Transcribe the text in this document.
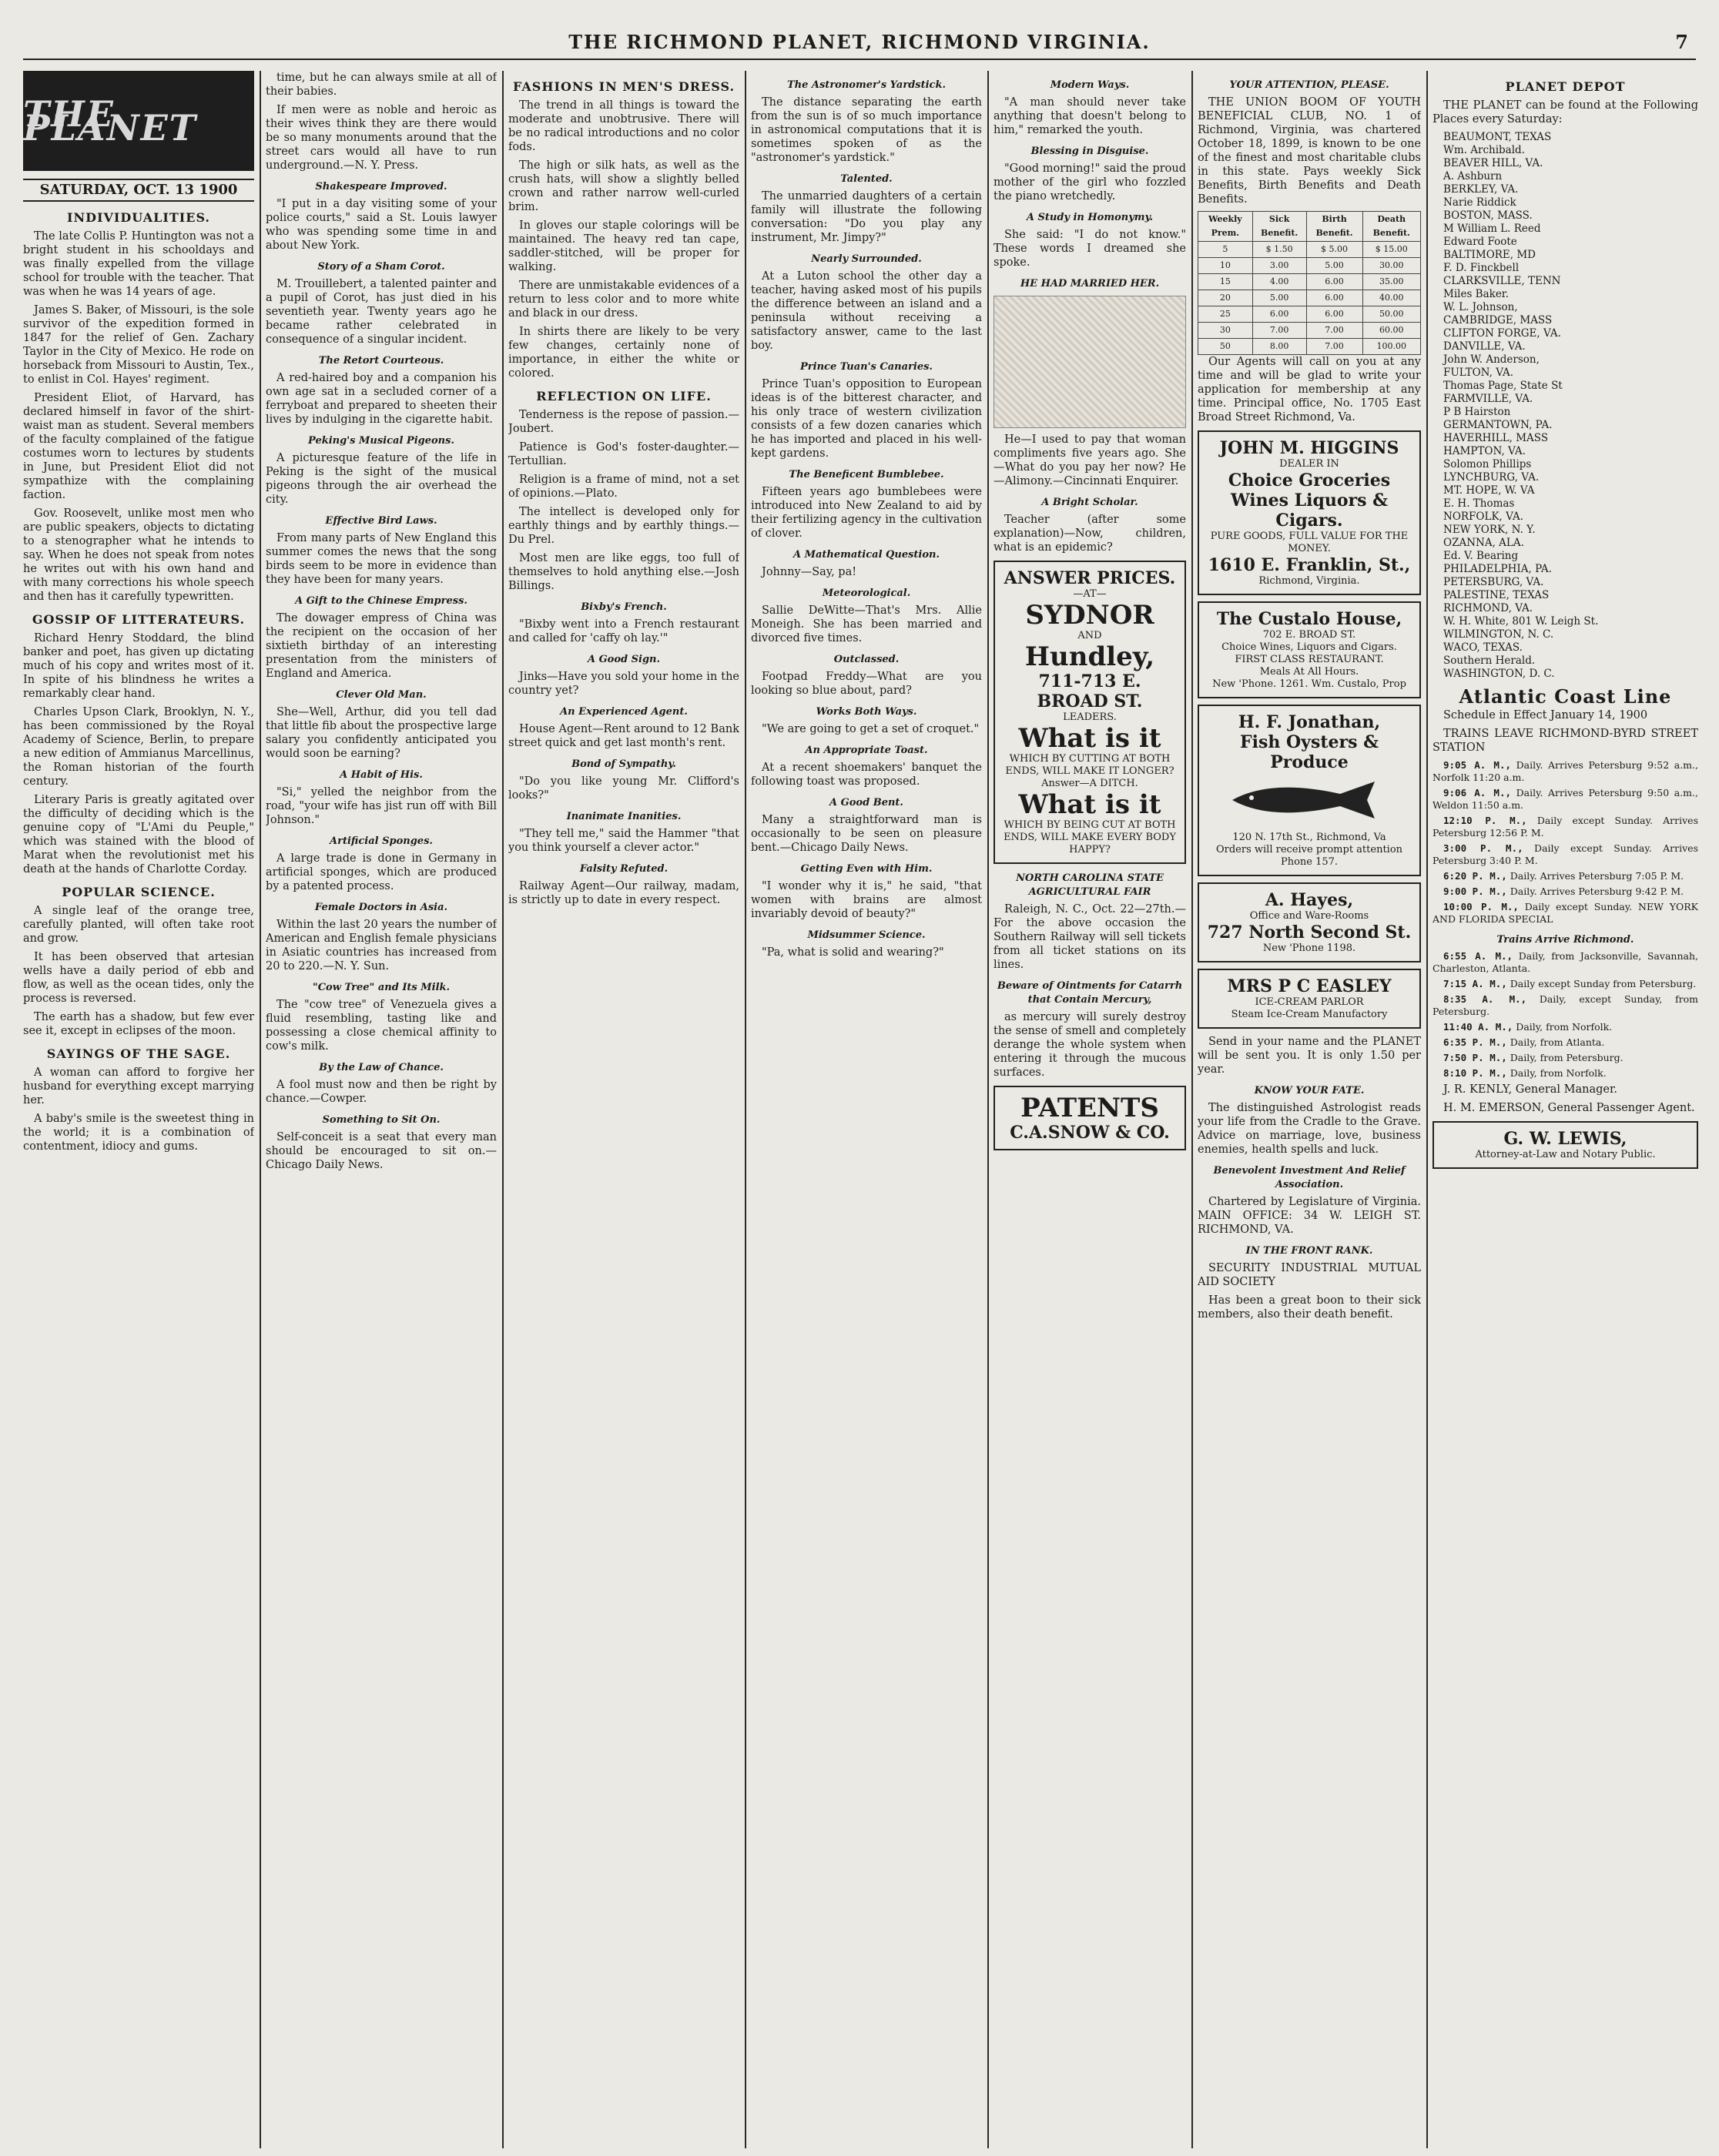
THE RICHMOND PLANET, RICHMOND VIRGINIA.	7
THE PLANET
SATURDAY, OCT. 13 1900
INDIVIDUALITIES.

The late Collis P. Huntington was not a bright student in his schooldays and was finally expelled from the village school for trouble with the teacher. That was when he was 14 years of age.

James S. Baker, of Missouri, is the sole survivor of the expedition formed in 1847 for the relief of Gen. Zachary Taylor in the City of Mexico. He rode on horseback from Missouri to Austin, Tex., to enlist in Col. Hayes' regiment.

President Eliot, of Harvard, has declared himself in favor of the shirt-waist man as student. Several members of the faculty complained of the fatigue costumes worn to lectures by students in June, but President Eliot did not sympathize with the complaining faction.

Gov. Roosevelt, unlike most men who are public speakers, objects to dictating to a stenographer what he intends to say. When he does not speak from notes he writes out with his own hand and with many corrections his whole speech and then has it carefully typewritten.

GOSSIP OF LITTERATEURS.

Richard Henry Stoddard, the blind banker and poet, has given up dictating much of his copy and writes most of it. In spite of his blindness he writes a remarkably clear hand.

Charles Upson Clark, Brooklyn, N. Y., has been commissioned by the Royal Academy of Science, Berlin, to prepare a new edition of Ammianus Marcellinus, the Roman historian of the fourth century.

Literary Paris is greatly agitated over the difficulty of deciding which is the genuine copy of "L'Ami du Peuple," which was stained with the blood of Marat when the revolutionist met his death at the hands of Charlotte Corday.

POPULAR SCIENCE.

A single leaf of the orange tree, carefully planted, will often take root and grow.

It has been observed that artesian wells have a daily period of ebb and flow, as well as the ocean tides, only the process is reversed.

The earth has a shadow, but few ever see it, except in eclipses of the moon.

SAYINGS OF THE SAGE.

A woman can afford to forgive her husband for everything except marrying her.

A baby's smile is the sweetest thing in the world; it is a combination of contentment, idiocy and gums.

time, but he can always smile at all of their babies.

If men were as noble and heroic as their wives think they are there would be so many monuments around that the street cars would all have to run underground.—N. Y. Press.

Shakespeare Improved.

"I put in a day visiting some of your police courts," said a St. Louis lawyer who was spending some time in and about New York.

Story of a Sham Corot.

M. Trouillebert, a talented painter and a pupil of Corot, has just died in his seventieth year. Twenty years ago he became rather celebrated in consequence of a singular incident.

The Retort Courteous.

A red-haired boy and a companion his own age sat in a secluded corner of a ferryboat and prepared to sheeten their lives by indulging in the cigarette habit.

Peking's Musical Pigeons.

A picturesque feature of the life in Peking is the sight of the musical pigeons through the air overhead the city.

Effective Bird Laws.

From many parts of New England this summer comes the news that the song birds seem to be more in evidence than they have been for many years.

A Gift to the Chinese Empress.

The dowager empress of China was the recipient on the occasion of her sixtieth birthday of an interesting presentation from the ministers of England and America.

Clever Old Man.

She—Well, Arthur, did you tell dad that little fib about the prospective large salary you confidently anticipated you would soon be earning?

A Habit of His.

"Si," yelled the neighbor from the road, "your wife has jist run off with Bill Johnson."

Artificial Sponges.

A large trade is done in Germany in artificial sponges, which are produced by a patented process.

Female Doctors in Asia.

Within the last 20 years the number of American and English female physicians in Asiatic countries has increased from 20 to 220.—N. Y. Sun.

"Cow Tree" and Its Milk.

The "cow tree" of Venezuela gives a fluid resembling, tasting like and possessing a close chemical affinity to cow's milk.

By the Law of Chance.

A fool must now and then be right by chance.—Cowper.

Something to Sit On.

Self-conceit is a seat that every man should be encouraged to sit on.—Chicago Daily News.

FASHIONS IN MEN'S DRESS.

The trend in all things is toward the moderate and unobtrusive. There will be no radical introductions and no color fods.

The high or silk hats, as well as the crush hats, will show a slightly belled crown and rather narrow well-curled brim.

In gloves our staple colorings will be maintained. The heavy red tan cape, saddler-stitched, will be proper for walking.

There are unmistakable evidences of a return to less color and to more white and black in our dress.

In shirts there are likely to be very few changes, certainly none of importance, in either the white or colored.

REFLECTION ON LIFE.

Tenderness is the repose of passion.—Joubert.

Patience is God's foster-daughter.—Tertullian.

Religion is a frame of mind, not a set of opinions.—Plato.

The intellect is developed only for earthly things and by earthly things.—Du Prel.

Most men are like eggs, too full of themselves to hold anything else.—Josh Billings.

Bixby's French.

"Bixby went into a French restaurant and called for 'caffy oh lay.'"

A Good Sign.

Jinks—Have you sold your home in the country yet?

An Experienced Agent.

House Agent—Rent around to 12 Bank street quick and get last month's rent.

Bond of Sympathy.

"Do you like young Mr. Clifford's looks?"

Inanimate Inanities.

"They tell me," said the Hammer "that you think yourself a clever actor."

Falsity Refuted.

Railway Agent—Our railway, madam, is strictly up to date in every respect.

The Astronomer's Yardstick.

The distance separating the earth from the sun is of so much importance in astronomical computations that it is sometimes spoken of as the "astronomer's yardstick."

Talented.

The unmarried daughters of a certain family will illustrate the following conversation: "Do you play any instrument, Mr. Jimpy?"

Nearly Surrounded.

At a Luton school the other day a teacher, having asked most of his pupils the difference between an island and a peninsula without receiving a satisfactory answer, came to the last boy.

Prince Tuan's Canaries.

Prince Tuan's opposition to European ideas is of the bitterest character, and his only trace of western civilization consists of a few dozen canaries which he has imported and placed in his well-kept gardens.

The Beneficent Bumblebee.

Fifteen years ago bumblebees were introduced into New Zealand to aid by their fertilizing agency in the cultivation of clover.

A Mathematical Question.

Johnny—Say, pa!

Meteorological.

Sallie DeWitte—That's Mrs. Allie Moneigh. She has been married and divorced five times.

Outclassed.

Footpad Freddy—What are you looking so blue about, pard?

Works Both Ways.

"We are going to get a set of croquet."

An Appropriate Toast.

At a recent shoemakers' banquet the following toast was proposed.

A Good Bent.

Many a straightforward man is occasionally to be seen on pleasure bent.—Chicago Daily News.

Getting Even with Him.

"I wonder why it is," he said, "that women with brains are almost invariably devoid of beauty?"

Midsummer Science.

"Pa, what is solid and wearing?"

Modern Ways.

"A man should never take anything that doesn't belong to him," remarked the youth.

Blessing in Disguise.

"Good morning!" said the proud mother of the girl who fozzled the piano wretchedly.

A Study in Homonymy.

She said: "I do not know." These words I dreamed she spoke.

HE HAD MARRIED HER.

He—I used to pay that woman compliments five years ago. She—What do you pay her now? He—Alimony.—Cincinnati Enquirer.

A Bright Scholar.

Teacher (after some explanation)—Now, children, what is an epidemic?

ANSWER PRICES.
—AT—
SYDNOR
AND
Hundley,
711-713 E. BROAD ST.
LEADERS.
What is it
WHICH BY CUTTING AT BOTH ENDS, WILL MAKE IT LONGER?
Answer—A DITCH.
What is it
WHICH BY BEING CUT AT BOTH ENDS, WILL MAKE EVERY BODY HAPPY?
NORTH CAROLINA STATE AGRICULTURAL FAIR

Raleigh, N. C., Oct. 22—27th.—For the above occasion the Southern Railway will sell tickets from all ticket stations on its lines.

Beware of Ointments for Catarrh that Contain Mercury,

as mercury will surely destroy the sense of smell and completely derange the whole system when entering it through the mucous surfaces.

PATENTS
C.A.SNOW & CO.
YOUR ATTENTION, PLEASE.

THE UNION BOOM OF YOUTH BENEFICIAL CLUB, NO. 1 of Richmond, Virginia, was chartered October 18, 1899, is known to be one of the finest and most charitable clubs in this state. Pays weekly Sick Benefits, Birth Benefits and Death Benefits.

Weekly Prem.	Sick Benefit.	Birth Benefit.	Death Benefit.
5	$ 1.50	$ 5.00	$ 15.00
10	3.00	5.00	30.00
15	4.00	6.00	35.00
20	5.00	6.00	40.00
25	6.00	6.00	50.00
30	7.00	7.00	60.00
50	8.00	7.00	100.00

Our Agents will call on you at any time and will be glad to write your application for membership at any time. Principal office, No. 1705 East Broad Street Richmond, Va.

JOHN M. HIGGINS
DEALER IN
Choice Groceries Wines Liquors & Cigars.
PURE GOODS, FULL VALUE FOR THE MONEY.
1610 E. Franklin, St.,
Richmond, Virginia.
The Custalo House,
702 E. BROAD ST.
Choice Wines, Liquors and Cigars.
FIRST CLASS RESTAURANT.
Meals At All Hours.
New 'Phone. 1261. Wm. Custalo, Prop
H. F. Jonathan,
Fish Oysters & Produce
120 N. 17th St., Richmond, Va
Orders will receive prompt attention Phone 157.
A. Hayes,
Office and Ware-Rooms
727 North Second St.
New 'Phone 1198.
MRS P C EASLEY
ICE-CREAM PARLOR
Steam Ice-Cream Manufactory

Send in your name and the PLANET will be sent you. It is only 1.50 per year.

KNOW YOUR FATE.

The distinguished Astrologist reads your life from the Cradle to the Grave. Advice on marriage, love, business enemies, health spells and luck.

Benevolent Investment And Relief Association.

Chartered by Legislature of Virginia. MAIN OFFICE: 34 W. LEIGH ST. RICHMOND, VA.

IN THE FRONT RANK.

SECURITY INDUSTRIAL MUTUAL AID SOCIETY

Has been a great boon to their sick members, also their death benefit.

PLANET DEPOT

THE PLANET can be found at the Following Places every Saturday:

BEAUMONT, TEXAS

Wm. Archibald.

BEAVER HILL, VA.

A. Ashburn

BERKLEY, VA.

Narie Riddick

BOSTON, MASS.

M William L. Reed

Edward Foote

BALTIMORE, MD

F. D. Finckbell

CLARKSVILLE, TENN

Miles Baker.

W. L. Johnson,

CAMBRIDGE, MASS

CLIFTON FORGE, VA.

DANVILLE, VA.

John W. Anderson,

FULTON, VA.

Thomas Page, State St

FARMVILLE, VA.

P B Hairston

GERMANTOWN, PA.

HAVERHILL, MASS

HAMPTON, VA.

Solomon Phillips

LYNCHBURG, VA.

MT. HOPE, W. VA

E. H. Thomas

NORFOLK, VA.

NEW YORK, N. Y.

OZANNA, ALA.

Ed. V. Bearing

PHILADELPHIA, PA.

PETERSBURG, VA.

PALESTINE, TEXAS

RICHMOND, VA.

W. H. White, 801 W. Leigh St.

WILMINGTON, N. C.

WACO, TEXAS.

Southern Herald.

WASHINGTON, D. C.

Atlantic Coast Line

Schedule in Effect January 14, 1900

TRAINS LEAVE RICHMOND-BYRD STREET STATION

9:05 A. M., Daily. Arrives Petersburg 9:52 a.m., Norfolk 11:20 a.m.

9:06 A. M., Daily. Arrives Petersburg 9:50 a.m., Weldon 11:50 a.m.

12:10 P. M., Daily except Sunday. Arrives Petersburg 12:56 P. M.

3:00 P. M., Daily except Sunday. Arrives Petersburg 3:40 P. M.

6:20 P. M., Daily. Arrives Petersburg 7:05 P. M.

9:00 P. M., Daily. Arrives Petersburg 9:42 P. M.

10:00 P. M., Daily except Sunday. NEW YORK AND FLORIDA SPECIAL

Trains Arrive Richmond.

6:55 A. M., Daily, from Jacksonville, Savannah, Charleston, Atlanta.

7:15 A. M., Daily except Sunday from Petersburg.

8:35 A. M., Daily, except Sunday, from Petersburg.

11:40 A. M., Daily, from Norfolk.

6:35 P. M., Daily, from Atlanta.

7:50 P. M., Daily, from Petersburg.

8:10 P. M., Daily, from Norfolk.

J. R. KENLY, General Manager.

H. M. EMERSON, General Passenger Agent.

G. W. LEWIS,
Attorney-at-Law and Notary Public.
